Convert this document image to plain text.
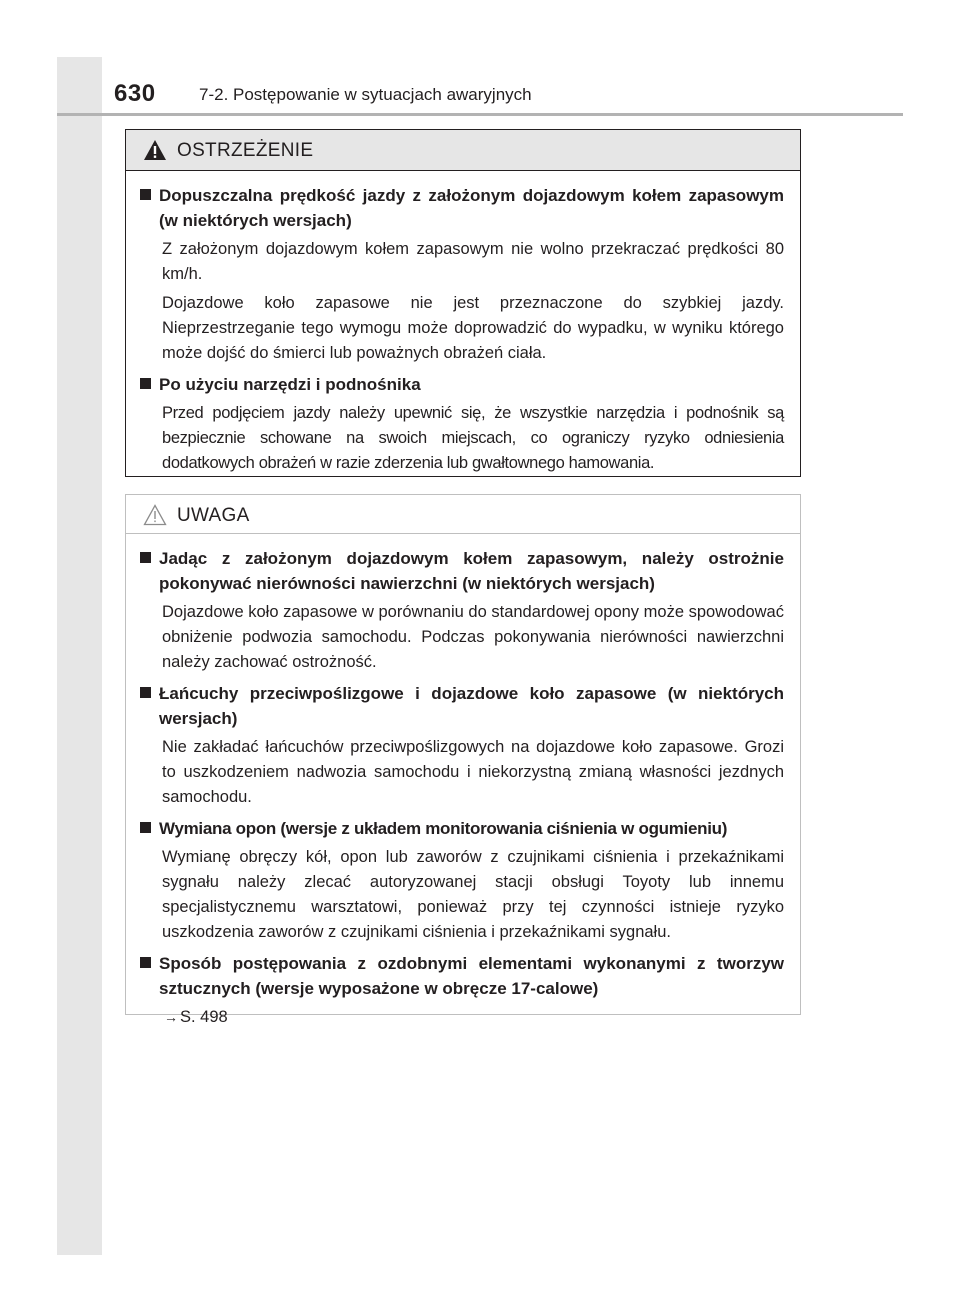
630	7-2. Postępowanie w sytuacjach awaryjnych
OSTRZEŻENIE
Dopuszczalna prędkość jazdy z założonym dojazdowym kołem zapasowym (w niektórych wersjach)

Z założonym dojazdowym kołem zapasowym nie wolno przekraczać prędkości 80 km/h.

Dojazdowe koło zapasowe nie jest przeznaczone do szybkiej jazdy. Nieprzestrzeganie tego wymogu może doprowadzić do wypadku, w wyniku którego może dojść do śmierci lub poważnych obrażeń ciała.

Po użyciu narzędzi i podnośnika

Przed podjęciem jazdy należy upewnić się, że wszystkie narzędzia i podnośnik są bezpiecznie schowane na swoich miejscach, co ograniczy ryzyko odniesienia dodatkowych obrażeń w razie zderzenia lub gwałtownego hamowania.

UWAGA
Jadąc z założonym dojazdowym kołem zapasowym, należy ostrożnie pokonywać nierówności nawierzchni (w niektórych wersjach)

Dojazdowe koło zapasowe w porównaniu do standardowej opony może spowodować obniżenie podwozia samochodu. Podczas pokonywania nierówności nawierzchni należy zachować ostrożność.

Łańcuchy przeciwpoślizgowe i dojazdowe koło zapasowe (w niektórych wersjach)

Nie zakładać łańcuchów przeciwpoślizgowych na dojazdowe koło zapasowe. Grozi to uszkodzeniem nadwozia samochodu i niekorzystną zmianą własności jezdnych samochodu.

Wymiana opon (wersje z układem monitorowania ciśnienia w ogumieniu)

Wymianę obręczy kół, opon lub zaworów z czujnikami ciśnienia i przekaźnikami sygnału należy zlecać autoryzowanej stacji obsługi Toyoty lub innemu specjalistycznemu warsztatowi, ponieważ przy tej czynności istnieje ryzyko uszkodzenia zaworów z czujnikami ciśnienia i przekaźnikami sygnału.

Sposób postępowania z ozdobnymi elementami wykonanymi z tworzyw sztucznych (wersje wyposażone w obręcze 17-calowe)
→ S. 498
